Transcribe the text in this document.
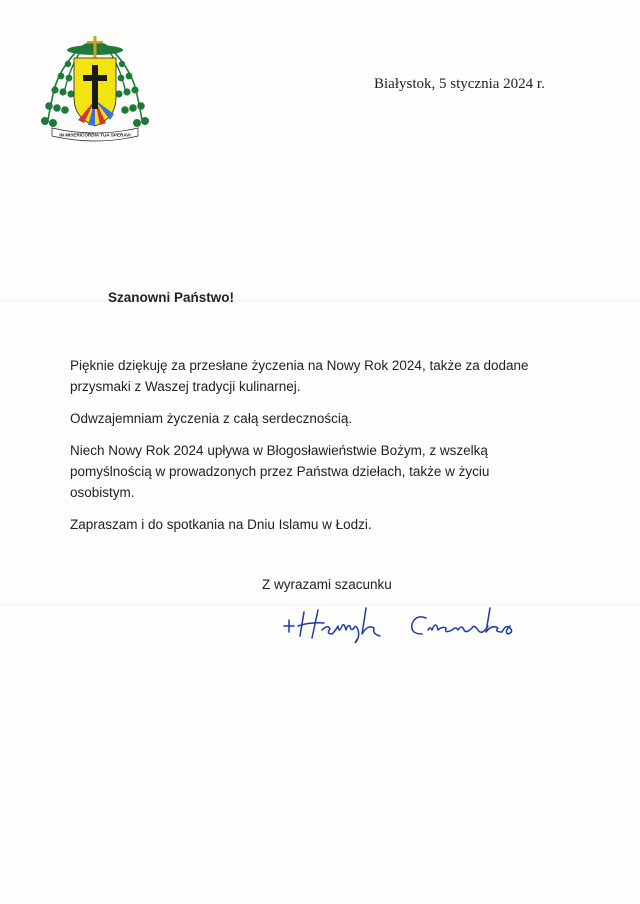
IN MISERICORDIA TUA SPERAVI
Białystok, 5 stycznia 2024 r.
Szanowni Państwo!

Pięknie dziękuję za przesłane życzenia na Nowy Rok 2024, także za dodane przysmaki z Waszej tradycji kulinarnej.

Odwzajemniam życzenia z całą serdecznością.

Niech Nowy Rok 2024 upływa w Błogosławieństwie Bożym, z wszelką pomyślnością w prowadzonych przez Państwa dziełach, także w życiu osobistym.

Zapraszam i do spotkania na Dniu Islamu w Łodzi.

Z wyrazami szacunku
